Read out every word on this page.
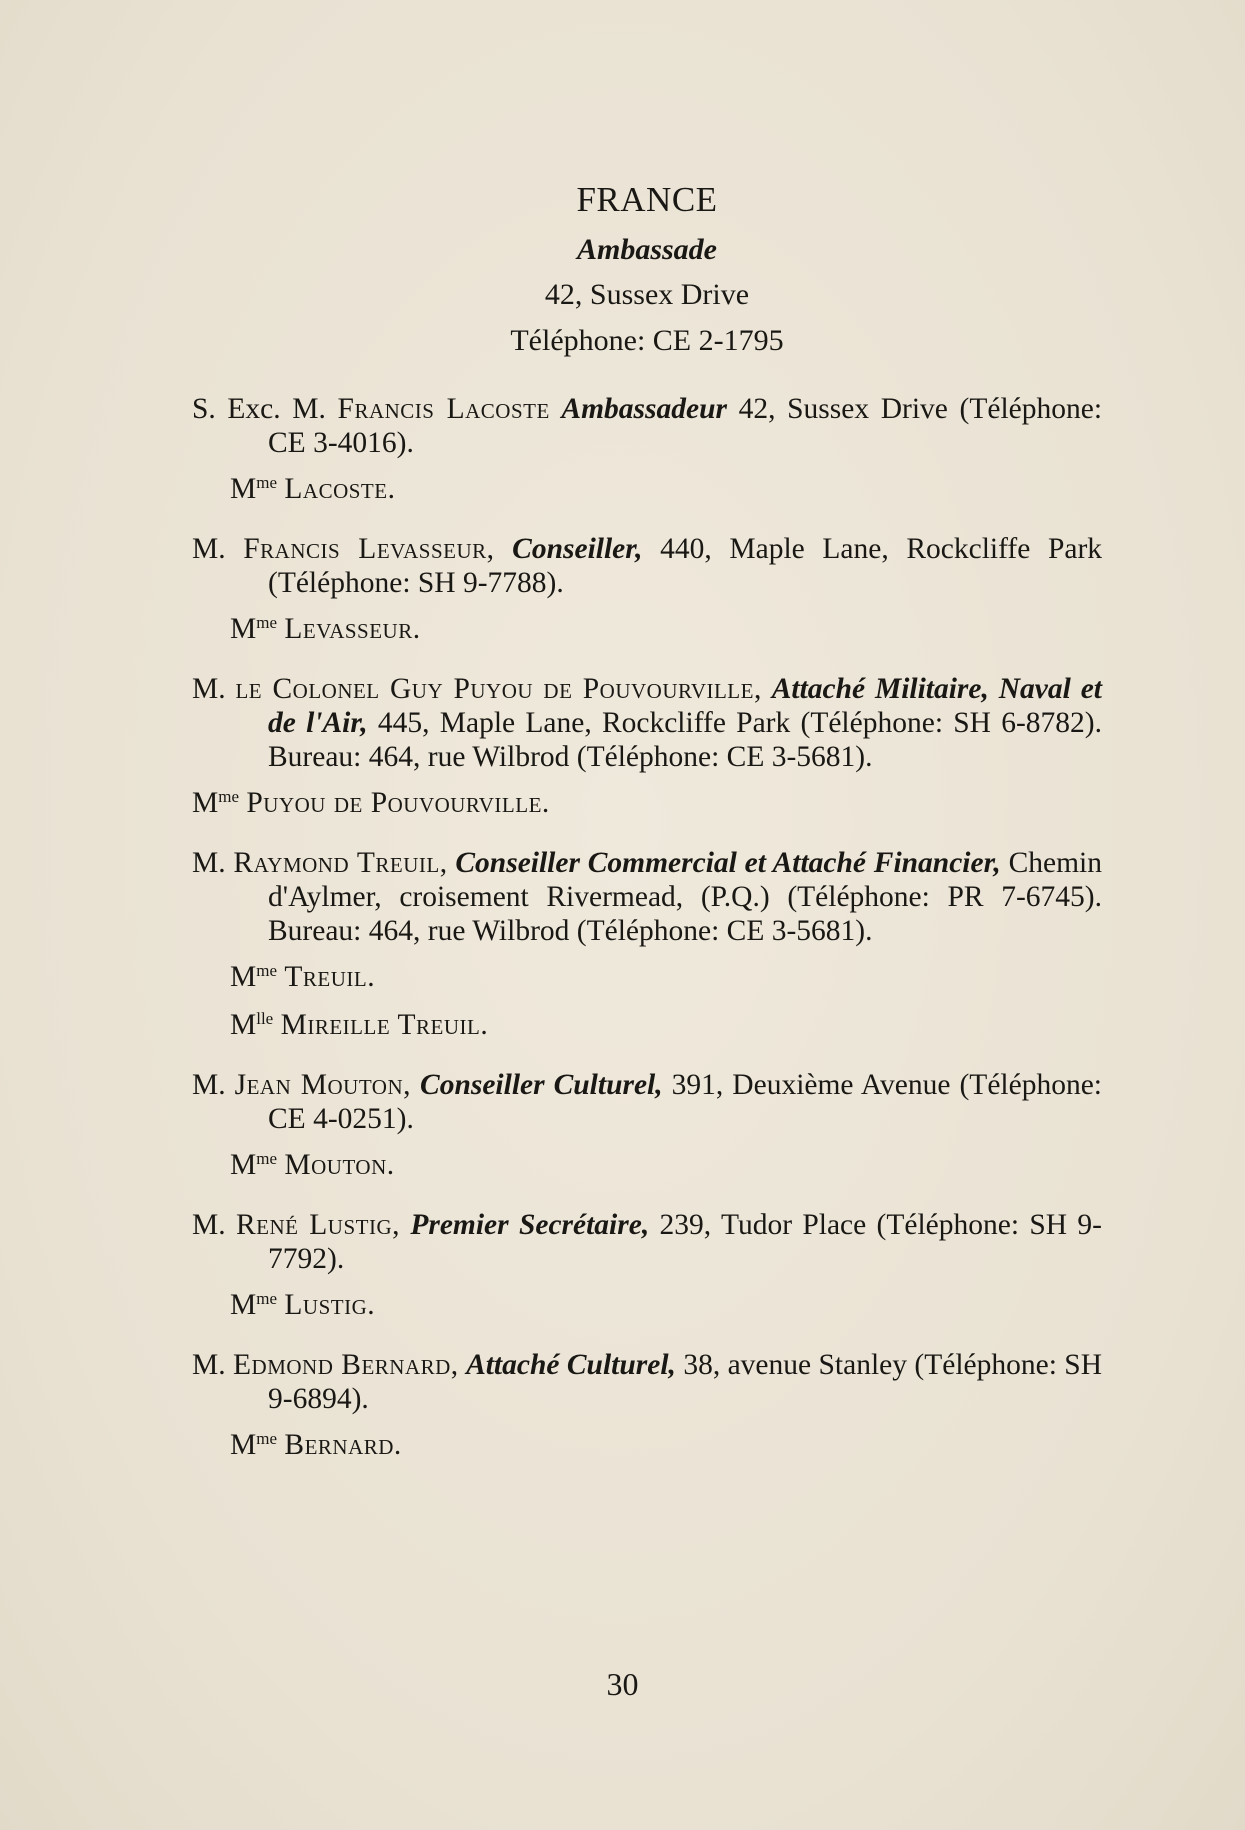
FRANCE
Ambassade
42, Sussex Drive
Téléphone: CE 2-1795
S. Exc. M. Francis Lacoste Ambassadeur 42, Sussex Drive (Téléphone: CE 3-4016).
$M^{me}$ Lacoste.
M. Francis Levasseur, Conseiller, 440, Maple Lane, Rockcliffe Park (Téléphone: SH 9-7788).
$M^{me}$ Levasseur.
M. le Colonel Guy Puyou de Pouvourville, Attaché Militaire, Naval et de l'Air, 445, Maple Lane, Rockcliffe Park (Téléphone: SH 6-8782). Bureau: 464, rue Wilbrod (Téléphone: CE 3-5681).
$M^{me}$ Puyou de Pouvourville.
M. Raymond Treuil, Conseiller Commercial et Attaché Financier, Chemin d'Aylmer, croisement Rivermead, (P.Q.) (Téléphone: PR 7-6745). Bureau: 464, rue Wilbrod (Téléphone: CE 3-5681).
$M^{me}$ Treuil.
$M^{lle}$ Mireille Treuil.
M. Jean Mouton, Conseiller Culturel, 391, Deuxième Avenue (Téléphone: CE 4-0251).
$M^{me}$ Mouton.
M. René Lustig, Premier Secrétaire, 239, Tudor Place (Téléphone: SH 9-7792).
$M^{me}$ Lustig.
M. Edmond Bernard, Attaché Culturel, 38, avenue Stanley (Téléphone: SH 9-6894).
$M^{me}$ Bernard.
30
